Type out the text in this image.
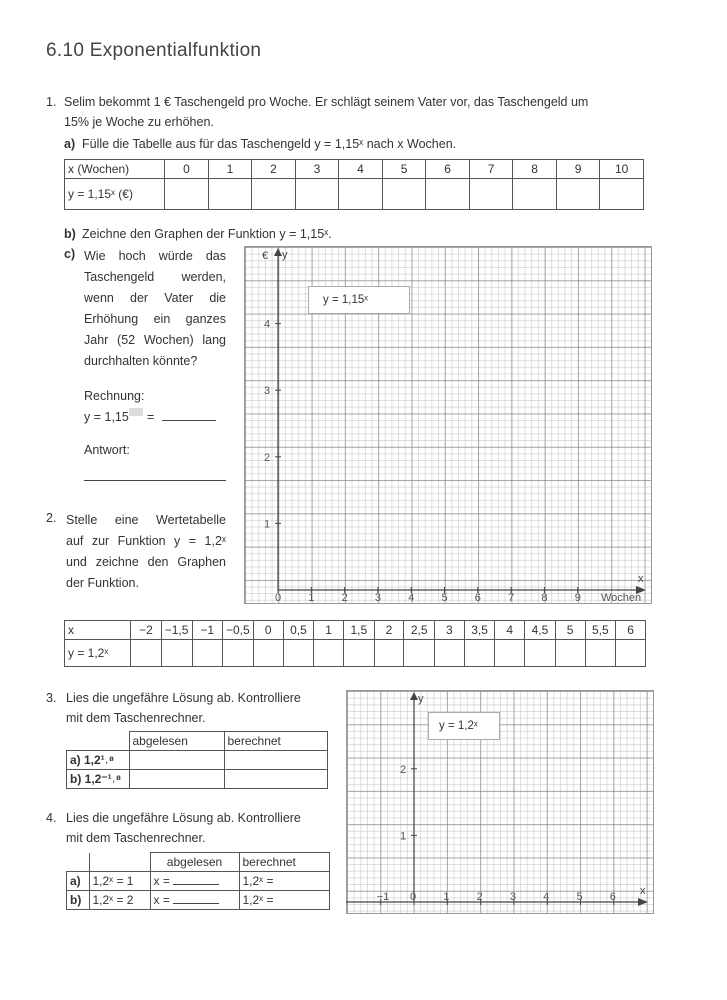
6.10 Exponentialfunktion
1. Selim bekommt 1 € Taschengeld pro Woche. Er schlägt seinem Vater vor, das Taschengeld um
15% je Woche zu erhöhen.
a) Fülle die Tabelle aus für das Taschengeld y = 1,15ˣ nach x Wochen.
x (Wochen)	0	1	2	3	4	5	6	7	8	9	10
y = 1,15ˣ (€)											
b) Zeichne den Graphen der Funktion y = 1,15ˣ.
c) Wie hoch würde das
Taschengeld werden,
wenn der Vater die
Erhöhung ein ganzes
Jahr (52 Wochen) lang
durchhalten könnte?
Rechnung:
y = 1,15 =
Antwort:
€ y
x
Wochen
4
3
2
1
0 1 2 3 4 5 6 7 8 9
y = 1,15ˣ
2. Stelle eine Wertetabelle
auf zur Funktion y = 1,2ˣ
und zeichne den Graphen
der Funktion.
x	−2	−1,5	−1	−0,5	0	0,5	1	1,5	2	2,5	3	3,5	4	4,5	5	5,5	6
y = 1,2ˣ																	
3. Lies die ungefähre Lösung ab. Kontrolliere
mit dem Taschenrechner.
	abgelesen	berechnet
a) 1,2¹˒⁸		
b) 1,2⁻¹˒⁸		
4. Lies die ungefähre Lösung ab. Kontrolliere
mit dem Taschenrechner.
		abgelesen	berechnet
a)	1,2ˣ = 1	x =	1,2ˣ =
b)	1,2ˣ = 2	x =	1,2ˣ =
y
x
2
1
−1 0 1 2 3 4 5 6
y = 1,2ˣ
